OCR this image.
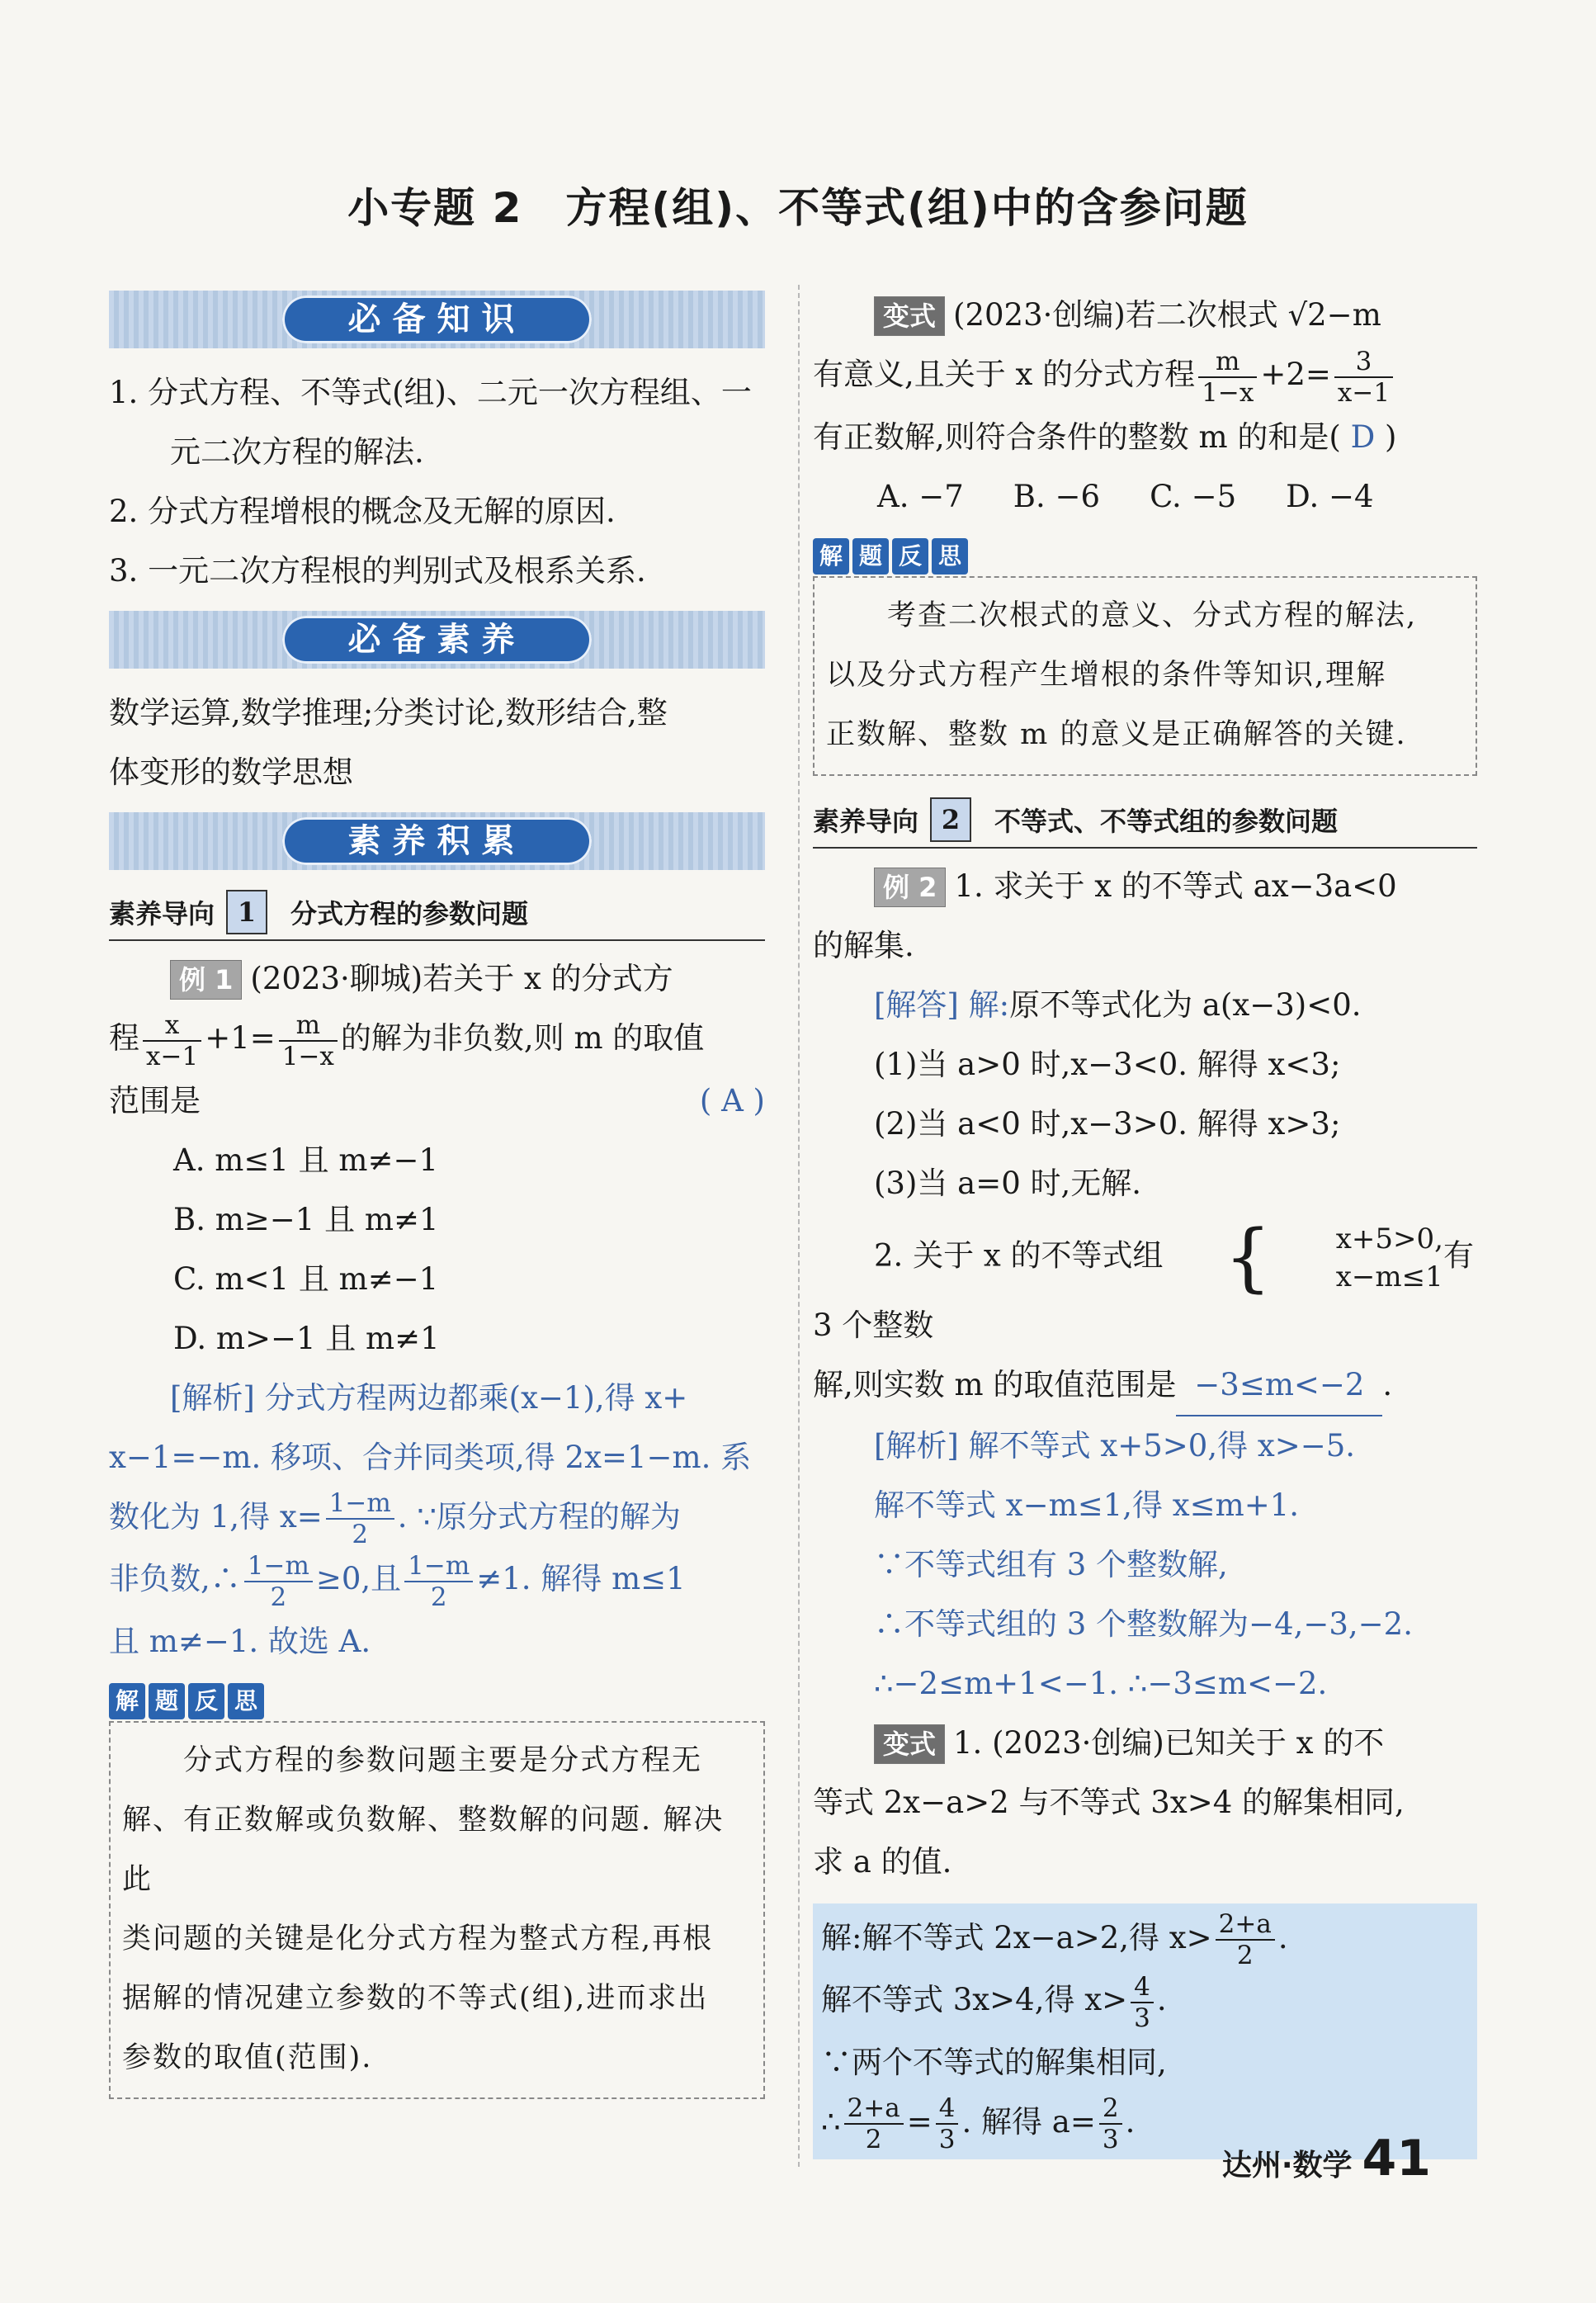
小专题 2　方程(组)、不等式(组)中的含参问题
必备知识

1. 分式方程、不等式(组)、二元一次方程组、一

元二次方程的解法.

2. 分式方程增根的概念及无解的原因.

3. 一元二次方程根的判别式及根系关系.

必备素养

数学运算,数学推理;分类讨论,数形结合,整

体变形的数学思想

素养积累
素养导向 1	分式方程的参数问题

例 1 (2023·聊城)若关于 x 的分式方

程 $\frac{x}{x-1} +1= \frac{m}{1-x}$ 的解为非负数,则 m 的取值

范围是	( A )

A. m≤1 且 m≠−1

B. m≥−1 且 m≠1

C. m<1 且 m≠−1

D. m>−1 且 m≠1

[解析] 分式方程两边都乘(x−1),得 x+

x−1=−m. 移项、合并同类项,得 2x=1−m. 系

数化为 1,得 $x= \frac{1-m}{2}$ . ∵原分式方程的解为

非负数,∴ $\frac{1-m}{2} \ge 0$,且 $\frac{1-m}{2} \ne 1$. 解得 m≤1

且 m≠−1. 故选 A.

解 题 反 思

分式方程的参数问题主要是分式方程无

解、有正数解或负数解、整数解的问题. 解决此

类问题的关键是化分式方程为整式方程,再根

据解的情况建立参数的不等式(组),进而求出

参数的取值(范围).

变式 (2023·创编)若二次根式 √2−m

有意义,且关于 x 的分式方程 $\frac{m}{1-x} +2= \frac{3}{x-1}$

有正数解,则符合条件的整数 m 的和是( D )

A. −7 B. −6 C. −5 D. −4
解 题 反 思

考查二次根式的意义、分式方程的解法,

以及分式方程产生增根的条件等知识,理解

正数解、整数 m 的意义是正确解答的关键.

素养导向 2	不等式、不等式组的参数问题

例 2 1. 求关于 x 的不等式 ax−3a<0

的解集.

[解答] 解:原不等式化为 a(x−3)<0.

(1)当 a>0 时,x−3<0. 解得 x<3;

(2)当 a<0 时,x−3>0. 解得 x>3;

(3)当 a=0 时,无解.

2. 关于 x 的不等式组 {	x+5>0,
x−m≤1
有 3 个整数

解,则实数 m 的取值范围是 −3≤m<−2 .

[解析] 解不等式 x+5>0,得 x>−5.

解不等式 x−m≤1,得 x≤m+1.

∵不等式组有 3 个整数解,

∴不等式组的 3 个整数解为−4,−3,−2.

∴−2≤m+1<−1. ∴−3≤m<−2.

变式 1. (2023·创编)已知关于 x 的不

等式 2x−a>2 与不等式 3x>4 的解集相同,

求 a 的值.

解:解不等式 2x−a>2,得 $x> \frac{2+a}{2}$ .

解不等式 3x>4,得 $x> \frac{4}{3}$ .

∵两个不等式的解集相同,

∴ $\frac{2+a}{2} = \frac{4}{3}$ . 解得 $a= \frac{2}{3}$ .

达州·数学 41
